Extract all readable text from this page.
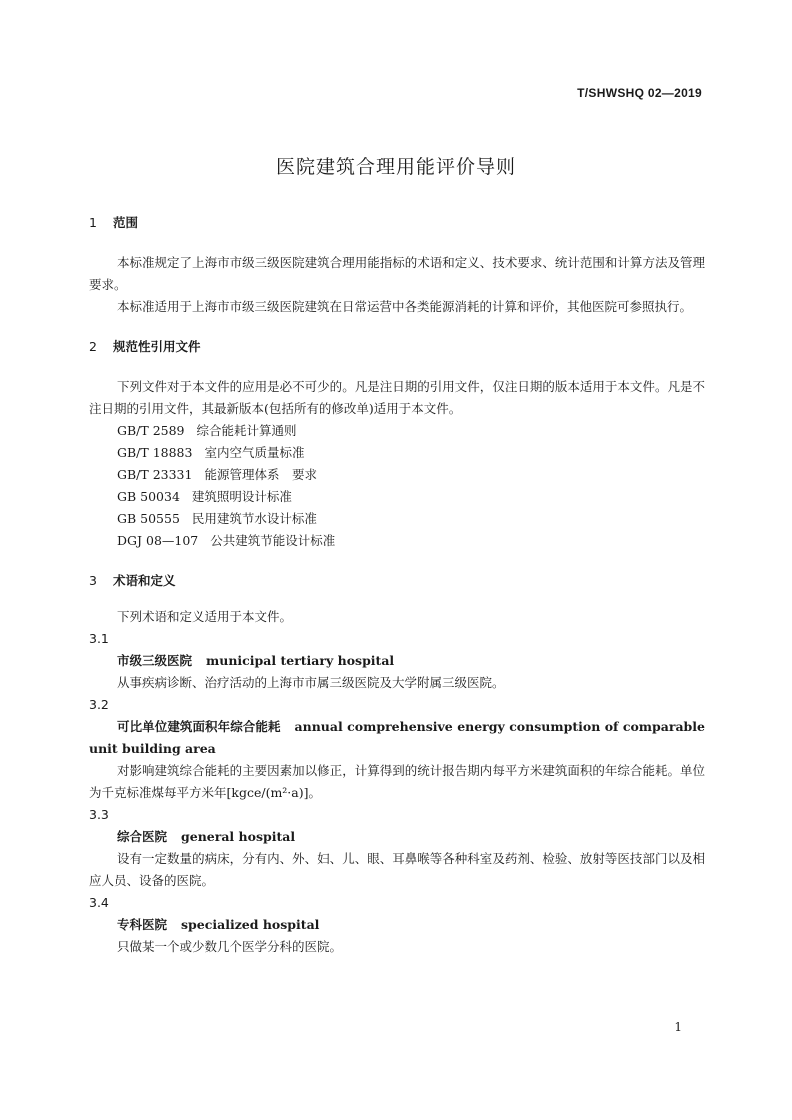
T/SHWSHQ 02—2019
医院建筑合理用能评价导则
1 范围

本标准规定了上海市市级三级医院建筑合理用能指标的术语和定义、技术要求、统计范围和计算方法及管理要求。

本标准适用于上海市市级三级医院建筑在日常运营中各类能源消耗的计算和评价，其他医院可参照执行。

2 规范性引用文件

下列文件对于本文件的应用是必不可少的。凡是注日期的引用文件，仅注日期的版本适用于本文件。凡是不注日期的引用文件，其最新版本(包括所有的修改单)适用于本文件。

GB/T 2589 综合能耗计算通则
GB/T 18883 室内空气质量标准
GB/T 23331 能源管理体系　要求
GB 50034 建筑照明设计标准
GB 50555 民用建筑节水设计标准
DGJ 08—107 公共建筑节能设计标准
3 术语和定义

下列术语和定义适用于本文件。

3.1
市级三级医院 municipal tertiary hospital

从事疾病诊断、治疗活动的上海市市属三级医院及大学附属三级医院。

3.2
可比单位建筑面积年综合能耗 annual comprehensive energy consumption of comparable unit building area

对影响建筑综合能耗的主要因素加以修正，计算得到的统计报告期内每平方米建筑面积的年综合能耗。单位为千克标准煤每平方米年[kgce/(m²·a)]。

3.3
综合医院 general hospital

设有一定数量的病床，分有内、外、妇、儿、眼、耳鼻喉等各种科室及药剂、检验、放射等医技部门以及相应人员、设备的医院。

3.4
专科医院 specialized hospital

只做某一个或少数几个医学分科的医院。

1
